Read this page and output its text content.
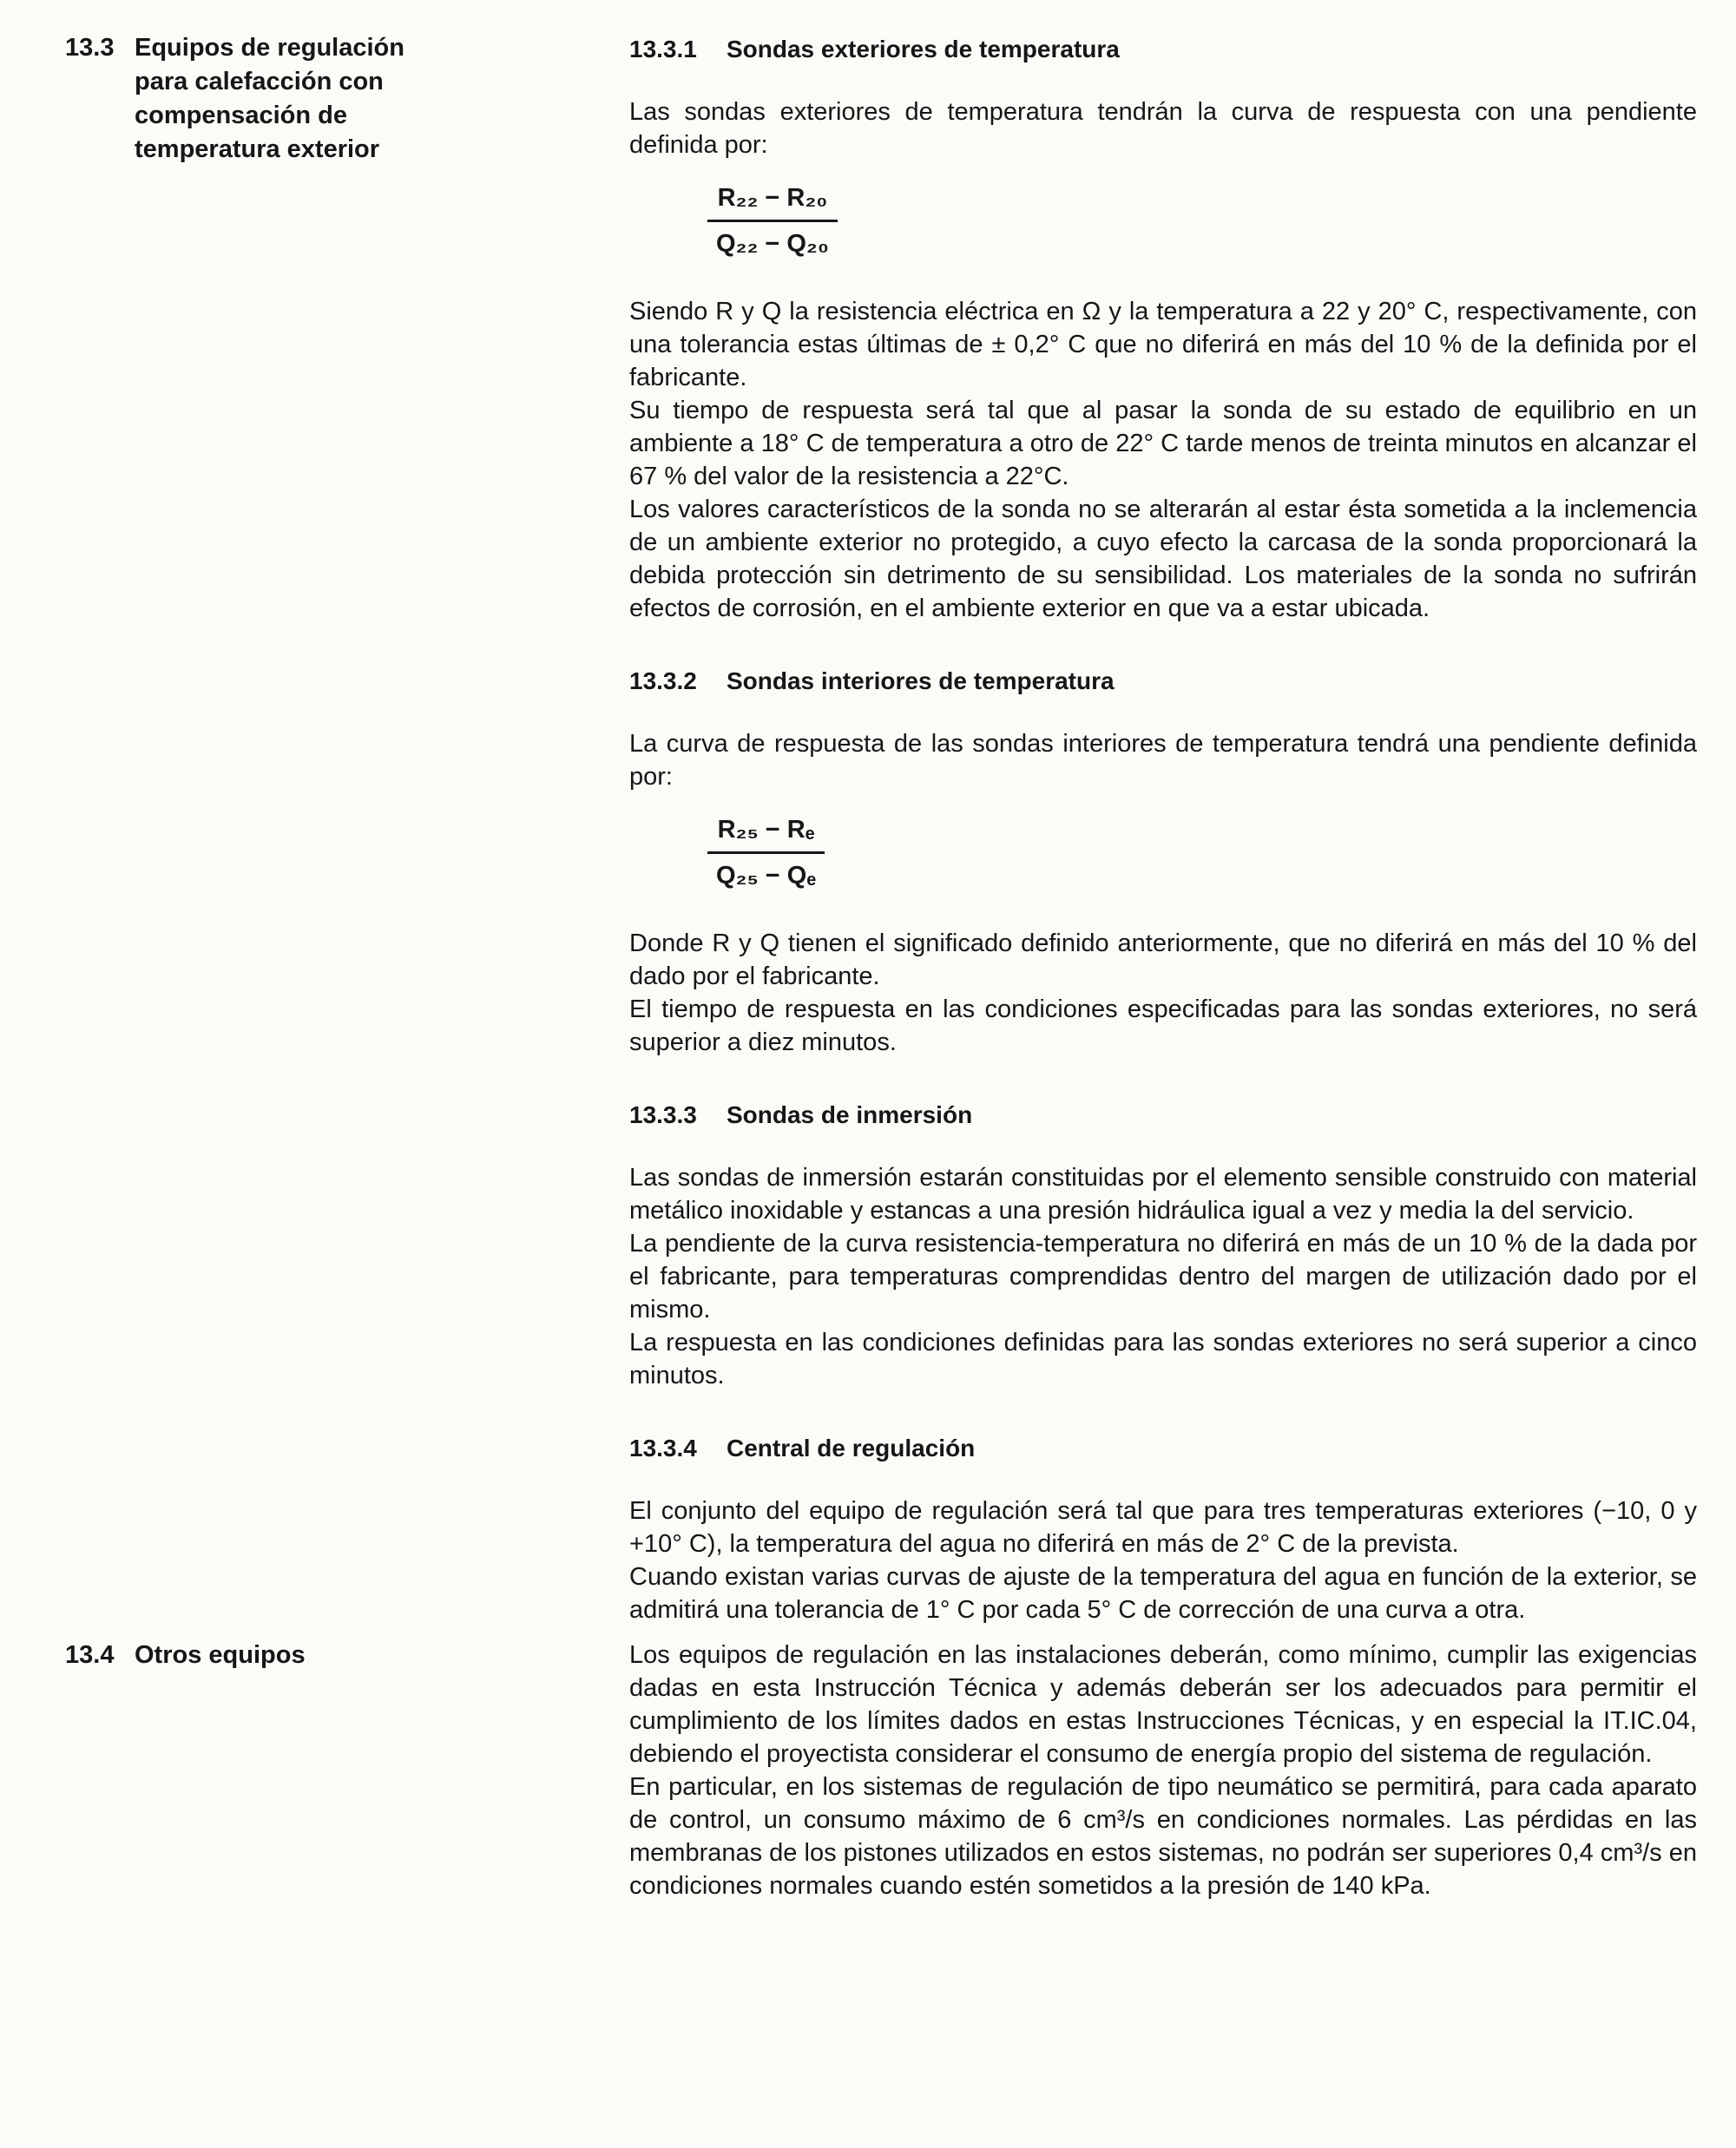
13.3 Equipos de regulación para calefacción con compensación de temperatura exterior
13.3.1	Sondas exteriores de temperatura

Las sondas exteriores de temperatura tendrán la curva de respuesta con una pendiente definida por:

$\frac{\text{R₂₂ − R₂₀}}{\text{Q₂₂ − Q₂₀}}$

Siendo R y Q la resistencia eléctrica en Ω y la temperatura a 22 y 20° C, respectivamente, con una tolerancia estas últimas de ± 0,2° C que no diferirá en más del 10 % de la definida por el fabricante.

Su tiempo de respuesta será tal que al pasar la sonda de su estado de equilibrio en un ambiente a 18° C de temperatura a otro de 22° C tarde menos de treinta minutos en alcanzar el 67 % del valor de la resistencia a 22°C.

Los valores característicos de la sonda no se alterarán al estar ésta sometida a la inclemencia de un ambiente exterior no protegido, a cuyo efecto la carcasa de la sonda proporcionará la debida protección sin detrimento de su sensibilidad. Los materiales de la sonda no sufrirán efectos de corrosión, en el ambiente exterior en que va a estar ubicada.

13.3.2	Sondas interiores de temperatura

La curva de respuesta de las sondas interiores de temperatura tendrá una pendiente definida por:

$\frac{\text{R₂₅ − Rₑ}}{\text{Q₂₅ − Qₑ}}$

Donde R y Q tienen el significado definido anteriormente, que no diferirá en más del 10 % del dado por el fabricante.

El tiempo de respuesta en las condiciones especificadas para las sondas exteriores, no será superior a diez minutos.

13.3.3	Sondas de inmersión

Las sondas de inmersión estarán constituidas por el elemento sensible construido con material metálico inoxidable y estancas a una presión hidráulica igual a vez y media la del servicio.

La pendiente de la curva resistencia-temperatura no diferirá en más de un 10 % de la dada por el fabricante, para temperaturas comprendidas dentro del margen de utilización dado por el mismo.

La respuesta en las condiciones definidas para las sondas exteriores no será superior a cinco minutos.

13.3.4	Central de regulación

El conjunto del equipo de regulación será tal que para tres temperaturas exteriores (−10, 0 y +10° C), la temperatura del agua no diferirá en más de 2° C de la prevista.

Cuando existan varias curvas de ajuste de la temperatura del agua en función de la exterior, se admitirá una tolerancia de 1° C por cada 5° C de corrección de una curva a otra.

13.4 Otros equipos	Los equipos de regulación en las instalaciones deberán, como mínimo, cumplir las exigencias dadas en esta Instrucción Técnica y además deberán ser los adecuados para permitir el cumplimiento de los límites dados en estas Instrucciones Técnicas, y en especial la IT.IC.04, debiendo el proyectista considerar el consumo de energía propio del sistema de regulación.

En particular, en los sistemas de regulación de tipo neumático se permitirá, para cada aparato de control, un consumo máximo de 6 cm³/s en condiciones normales. Las pérdidas en las membranas de los pistones utilizados en estos sistemas, no podrán ser superiores 0,4 cm³/s en condiciones normales cuando estén sometidos a la presión de 140 kPa.
